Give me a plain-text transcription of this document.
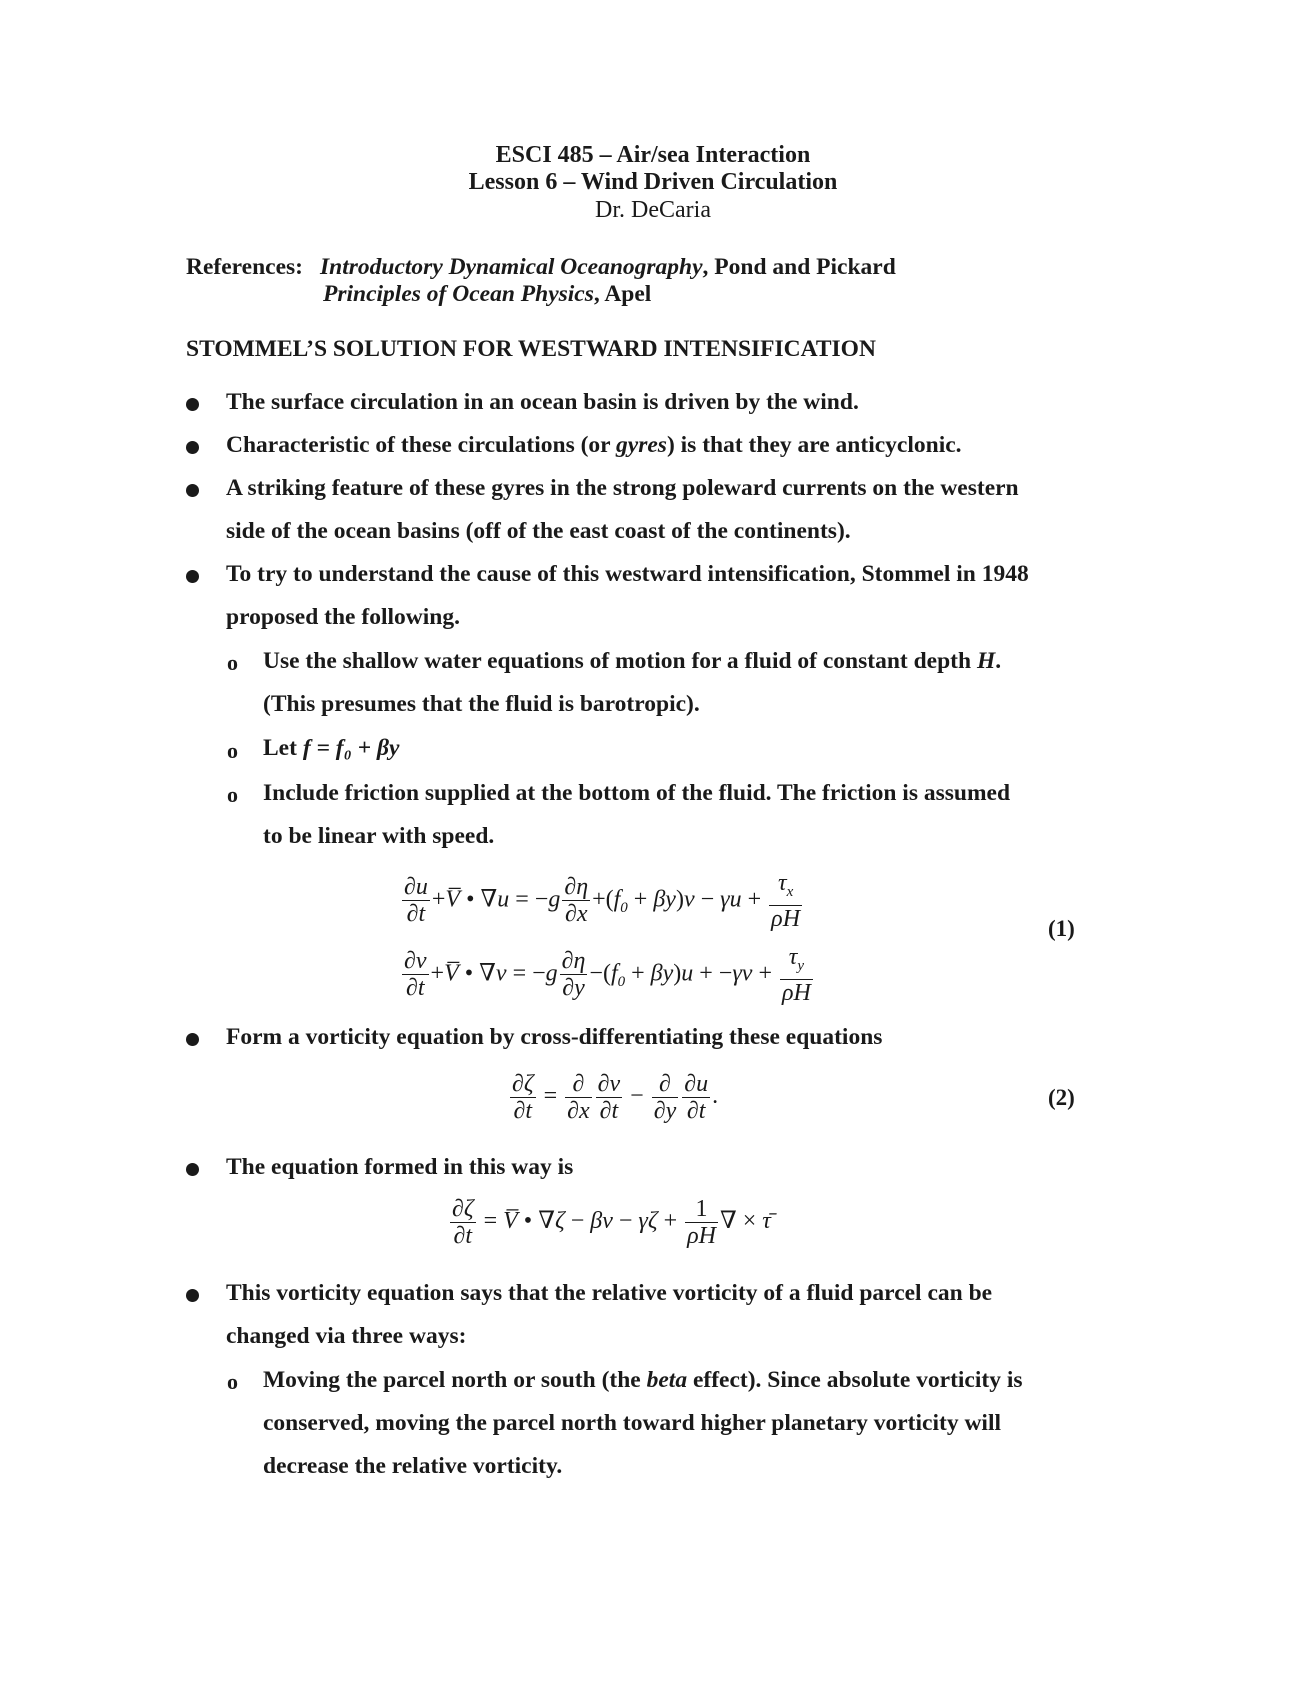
ESCI 485 – Air/sea Interaction
Lesson 6 – Wind Driven Circulation
Dr. DeCaria
References: Introductory Dynamical Oceanography, Pond and Pickard
Principles of Ocean Physics, Apel
STOMMEL’S SOLUTION FOR WESTWARD INTENSIFICATION
The surface circulation in an ocean basin is driven by the wind.
Characteristic of these circulations (or gyres) is that they are anticyclonic.
A striking feature of these gyres in the strong poleward currents on the western
side of the ocean basins (off of the east coast of the continents).
To try to understand the cause of this westward intensification, Stommel in 1948
proposed the following.
o Use the shallow water equations of motion for a fluid of constant depth H.
(This presumes that the fluid is barotropic).
o Let f = f₀ + βy
o Include friction supplied at the bottom of the fluid. The friction is assumed
to be linear with speed.
$\frac{\partial u}{\partial t}$ +V̅ • $\nabla u = -g \frac{\partial\eta}{\partial x} +(f_0 + \beta y)v - \gamma u + \frac{\tau_x}{\rho H}$
$\frac{\partial v}{\partial t}$ +V̅ • $\nabla v = -g \frac{\partial\eta}{\partial y} -(f_0 + \beta y)u + -\gamma v + \frac{\tau_y}{\rho H}$
(1)
Form a vorticity equation by cross-differentiating these equations
$\frac{\partial\zeta}{\partial t} = \frac{\partial}{\partial x} \frac{\partial v}{\partial t} - \frac{\partial}{\partial y} \frac{\partial u}{\partial t}$ .	(2)
The equation formed in this way is
$\frac{\partial\zeta}{\partial t}$ = V̅ • $\nabla\zeta - \beta v - \gamma\zeta + \frac{1}{\rho H}$ ∇ × τ̄
This vorticity equation says that the relative vorticity of a fluid parcel can be
changed via three ways:
o Moving the parcel north or south (the beta effect). Since absolute vorticity is
conserved, moving the parcel north toward higher planetary vorticity will
decrease the relative vorticity.
